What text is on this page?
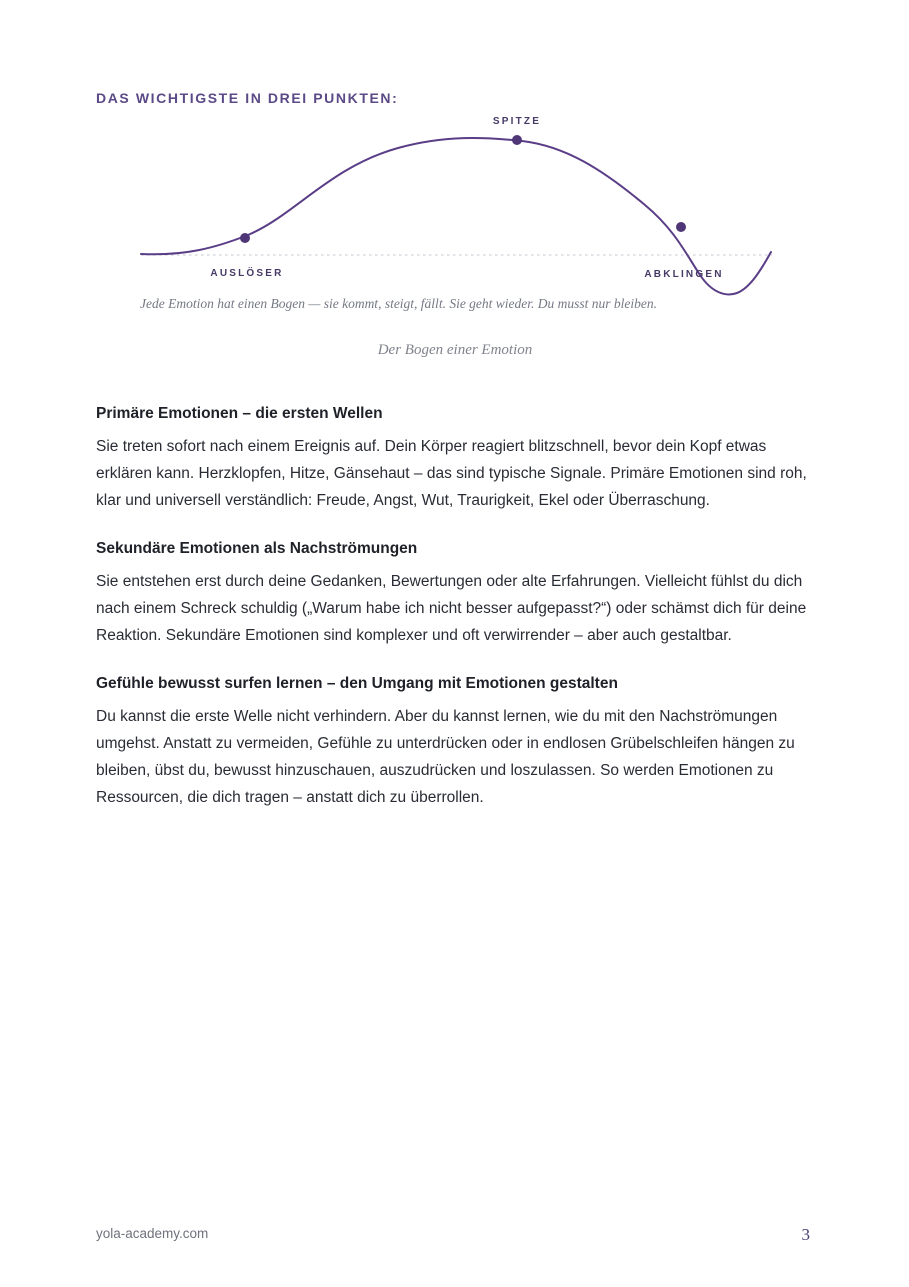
DAS WICHTIGSTE IN DREI PUNKTEN:
SPITZE
AUSLÖSER	ABKLINGEN
Jede Emotion hat einen Bogen — sie kommt, steigt, fällt. Sie geht wieder. Du musst nur bleiben.
Der Bogen einer Emotion
Primäre Emotionen – die ersten Wellen

Sie treten sofort nach einem Ereignis auf. Dein Körper reagiert blitzschnell, bevor dein Kopf etwas erklären kann. Herzklopfen, Hitze, Gänsehaut – das sind typische Signale. Primäre Emotionen sind roh, klar und universell verständlich: Freude, Angst, Wut, Traurigkeit, Ekel oder Überraschung.

Sekundäre Emotionen als Nachströmungen

Sie entstehen erst durch deine Gedanken, Bewertungen oder alte Erfahrungen. Vielleicht fühlst du dich nach einem Schreck schuldig („Warum habe ich nicht besser aufgepasst?“) oder schämst dich für deine Reaktion. Sekundäre Emotionen sind komplexer und oft verwirrender – aber auch gestaltbar.

Gefühle bewusst surfen lernen – den Umgang mit Emotionen gestalten

Du kannst die erste Welle nicht verhindern. Aber du kannst lernen, wie du mit den Nachströmungen umgehst. Anstatt zu vermeiden, Gefühle zu unterdrücken oder in endlosen Grübelschleifen hängen zu bleiben, übst du, bewusst hinzuschauen, auszudrücken und loszulassen. So werden Emotionen zu Ressourcen, die dich tragen – anstatt dich zu überrollen.

yola-academy.com	3
